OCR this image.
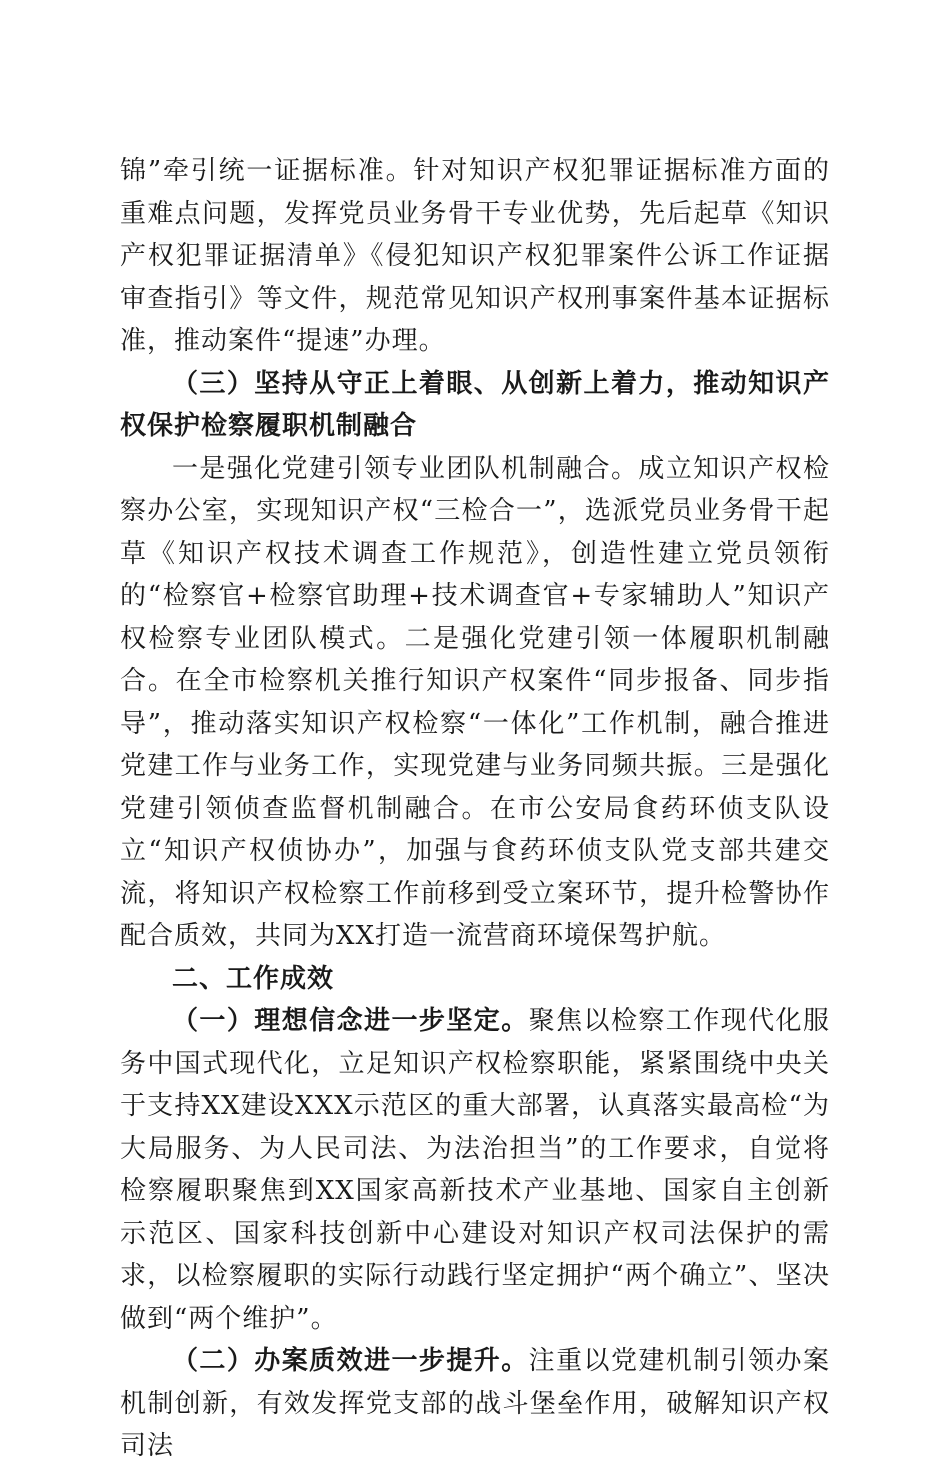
锦”牵引统一证据标准。针对知识产权犯罪证据标准方面的重难点问题，发挥党员业务骨干专业优势，先后起草《知识产权犯罪证据清单》《侵犯知识产权犯罪案件公诉工作证据审查指引》等文件，规范常见知识产权刑事案件基本证据标准，推动案件“提速”办理。

（三）坚持从守正上着眼、从创新上着力，推动知识产权保护检察履职机制融合

一是强化党建引领专业团队机制融合。成立知识产权检察办公室，实现知识产权“三检合一”，选派党员业务骨干起草《知识产权技术调查工作规范》，创造性建立党员领衔的“检察官+检察官助理+技术调查官+专家辅助人”知识产权检察专业团队模式。二是强化党建引领一体履职机制融合。在全市检察机关推行知识产权案件“同步报备、同步指导”，推动落实知识产权检察“一体化”工作机制，融合推进党建工作与业务工作，实现党建与业务同频共振。三是强化党建引领侦查监督机制融合。在市公安局食药环侦支队设立“知识产权侦协办”，加强与食药环侦支队党支部共建交流，将知识产权检察工作前移到受立案环节，提升检警协作配合质效，共同为XX打造一流营商环境保驾护航。

二、工作成效

（一）理想信念进一步坚定。聚焦以检察工作现代化服务中国式现代化，立足知识产权检察职能，紧紧围绕中央关于支持XX建设XXX示范区的重大部署，认真落实最高检“为大局服务、为人民司法、为法治担当”的工作要求，自觉将检察履职聚焦到XX国家高新技术产业基地、国家自主创新示范区、国家科技创新中心建设对知识产权司法保护的需求，以检察履职的实际行动践行坚定拥护“两个确立”、坚决做到“两个维护”。

（二）办案质效进一步提升。注重以党建机制引领办案机制创新，有效发挥党支部的战斗堡垒作用，破解知识产权司法
